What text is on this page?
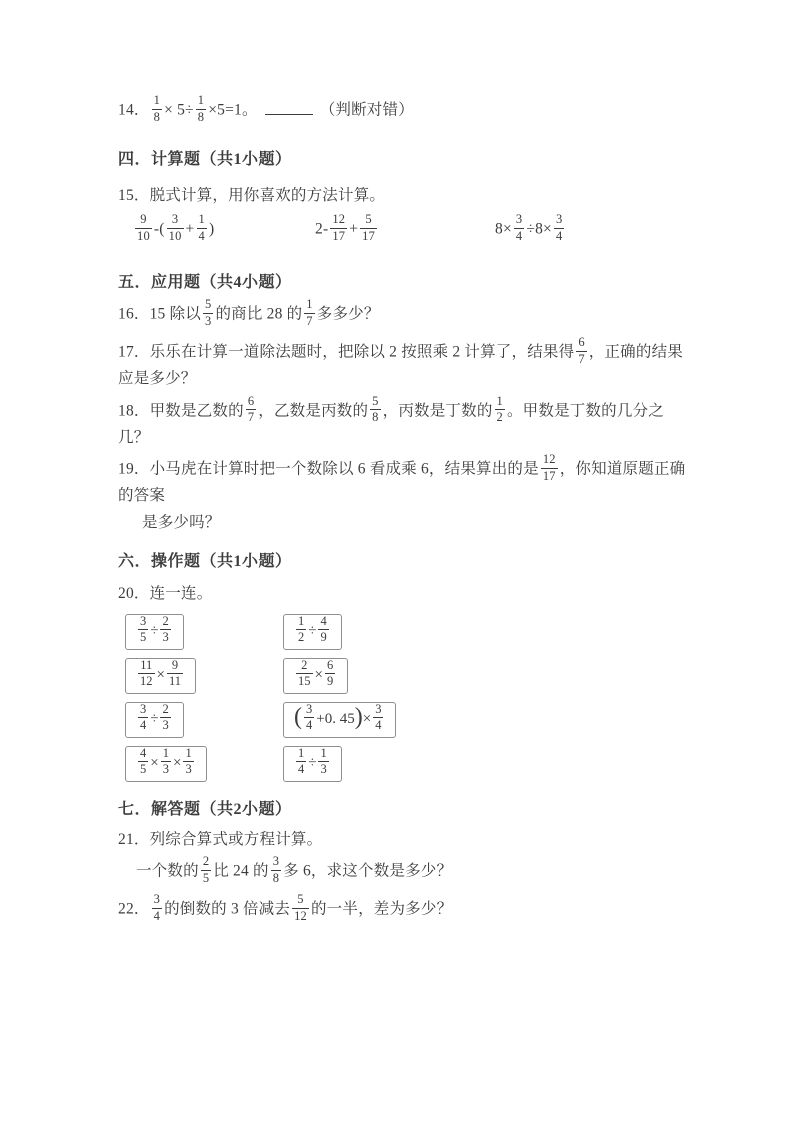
14． $\frac{1}{8} \times 5\div \frac{1}{8} \times 5=1$。	（判断对错）
四．计算题（共1小题）
15．脱式计算，用你喜欢的方法计算。
$\frac{9}{10}$ -( $\frac{3}{10} + \frac{1}{4}$ )	$2- \frac{12}{17} + \frac{5}{17}$	$8\times \frac{3}{4} \div 8\times \frac{3}{4}$
五．应用题（共4小题）
16．15 除以 $\frac{5}{3}$ 的商比 28 的 $\frac{1}{7}$ 多多少？
17．乐乐在计算一道除法题时，把除以 2 按照乘 2 计算了，结果得 $\frac{6}{7}$ ，正确的结果应是多少？
18．甲数是乙数的 $\frac{6}{7}$ ，乙数是丙数的 $\frac{5}{8}$ ，丙数是丁数的 $\frac{1}{2}$ 。甲数是丁数的几分之几？
19．小马虎在计算时把一个数除以 6 看成乘 6，结果算出的是 $\frac{12}{17}$ ，你知道原题正确的答案
是多少吗？
六．操作题（共1小题）
20．连一连。
$\frac{3}{5} \div \frac{2}{3}$	$\frac{1}{2} \div \frac{4}{9}$
$\frac{11}{12} \times \frac{9}{11}$	$\frac{2}{15} \times \frac{6}{9}$
$\frac{3}{4} \div \frac{2}{3}$	( $\frac{3}{4} +0$. 45 ) × $\frac{3}{4}$
$\frac{4}{5} \times \frac{1}{3} \times \frac{1}{3}$	$\frac{1}{4} \div \frac{1}{3}$
七．解答题（共2小题）
21．列综合算式或方程计算。
一个数的 $\frac{2}{5}$ 比 24 的 $\frac{3}{8}$ 多 6，求这个数是多少？
22． $\frac{3}{4}$ 的倒数的 3 倍减去 $\frac{5}{12}$ 的一半，差为多少？
